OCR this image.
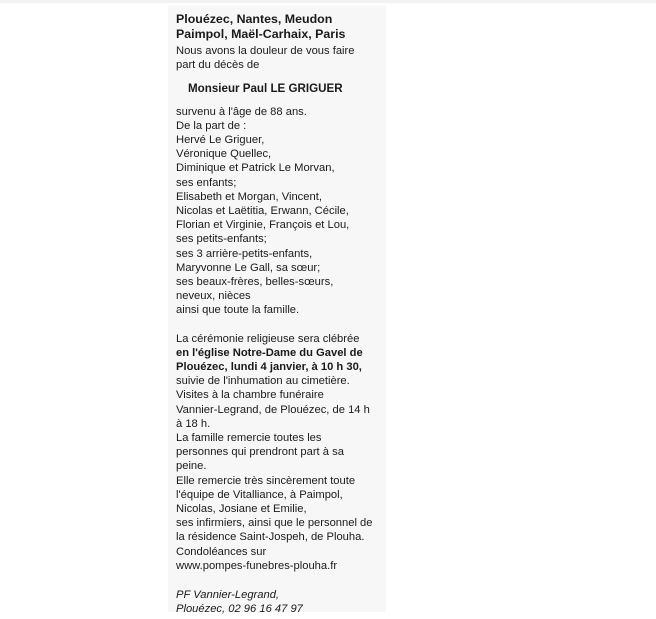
Plouézec, Nantes, Meudon
Paimpol, Maël-Carhaix, Paris
Nous avons la douleur de vous faire
part du décès de
Monsieur Paul LE GRIGUER
survenu à l'âge de 88 ans.
De la part de :
Hervé Le Griguer,
Véronique Quellec,
Diminique et Patrick Le Morvan,
ses enfants;
Elisabeth et Morgan, Vincent,
Nicolas et Laëtitia, Erwann, Cécile,
Florian et Virginie, François et Lou,
ses petits-enfants;
ses 3 arrière-petits-enfants,
Maryvonne Le Gall, sa sœur;
ses beaux-frères, belles-sœurs,
neveux, nièces
ainsi que toute la famille.
La cérémonie religieuse sera clébrée
en l'église Notre-Dame du Gavel de
Plouézec, lundi 4 janvier, à 10 h 30,
suivie de l'inhumation au cimetière.
Visites à la chambre funéraire
Vannier-Legrand, de Plouézec, de 14 h
à 18 h.
La famille remercie toutes les
personnes qui prendront part à sa
peine.
Elle remercie très sincèrement toute
l'équipe de Vitalliance, à Paimpol,
Nicolas, Josiane et Emilie,
ses infirmiers, ainsi que le personnel de
la résidence Saint-Jospeh, de Plouha.
Condoléances sur
www.pompes-funebres-plouha.fr
PF Vannier-Legrand,
Plouézec, 02 96 16 47 97
